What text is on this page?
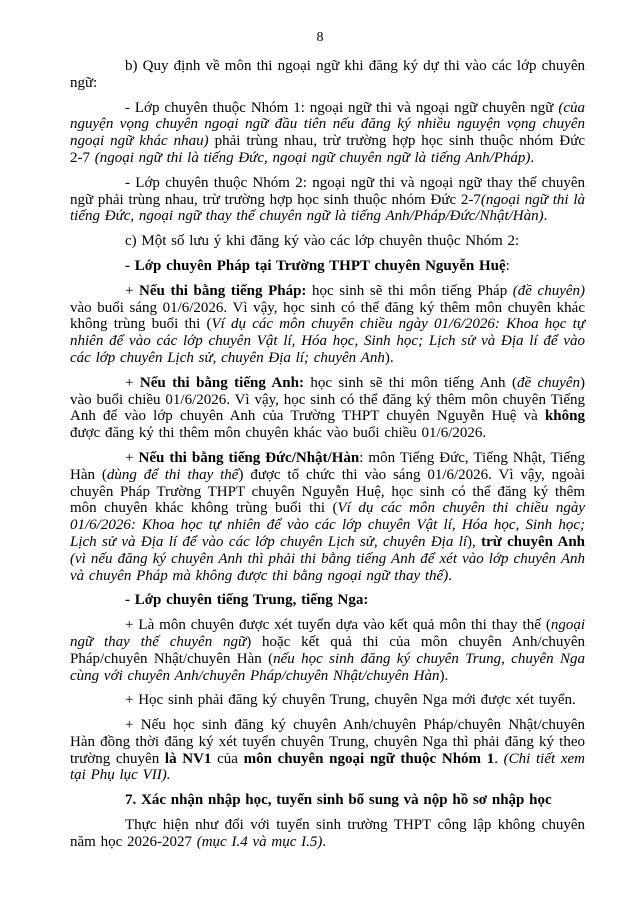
8

b) Quy định về môn thi ngoại ngữ khi đăng ký dự thi vào các lớp chuyên ngữ:

- Lớp chuyên thuộc Nhóm 1: ngoại ngữ thi và ngoại ngữ chuyên ngữ (của nguyện vọng chuyên ngoại ngữ đầu tiên nếu đăng ký nhiều nguyện vọng chuyên ngoại ngữ khác nhau) phải trùng nhau, trừ trường hợp học sinh thuộc nhóm Đức 2-7 (ngoại ngữ thi là tiếng Đức, ngoại ngữ chuyên ngữ là tiếng Anh/Pháp).

- Lớp chuyên thuộc Nhóm 2: ngoại ngữ thi và ngoại ngữ thay thế chuyên ngữ phải trùng nhau, trừ trường hợp học sinh thuộc nhóm Đức 2-7(ngoại ngữ thi là tiếng Đức, ngoại ngữ thay thế chuyên ngữ là tiếng Anh/Pháp/Đức/Nhật/Hàn).

c) Một số lưu ý khi đăng ký vào các lớp chuyên thuộc Nhóm 2:

- Lớp chuyên Pháp tại Trường THPT chuyên Nguyễn Huệ:

+ Nếu thi bằng tiếng Pháp: học sinh sẽ thi môn tiếng Pháp (đề chuyên) vào buổi sáng 01/6/2026. Vì vậy, học sinh có thể đăng ký thêm môn chuyên khác không trùng buổi thi (Ví dụ các môn chuyên chiều ngày 01/6/2026: Khoa học tự nhiên để vào các lớp chuyên Vật lí, Hóa học, Sinh học; Lịch sử và Địa lí để vào các lớp chuyên Lịch sử, chuyên Địa lí; chuyên Anh).

+ Nếu thi bằng tiếng Anh: học sinh sẽ thi môn tiếng Anh (đề chuyên) vào buổi chiều 01/6/2026. Vì vậy, học sinh có thể đăng ký thêm môn chuyên Tiếng Anh để vào lớp chuyên Anh của Trường THPT chuyên Nguyễn Huệ và không được đăng ký thi thêm môn chuyên khác vào buổi chiều 01/6/2026.

+ Nếu thi bằng tiếng Đức/Nhật/Hàn: môn Tiếng Đức, Tiếng Nhật, Tiếng Hàn (dùng để thi thay thế) được tổ chức thi vào sáng 01/6/2026. Vì vậy, ngoài chuyên Pháp Trường THPT chuyên Nguyễn Huệ, học sinh có thể đăng ký thêm môn chuyên khác không trùng buổi thi (Ví dụ các môn chuyên thi chiều ngày 01/6/2026: Khoa học tự nhiên để vào các lớp chuyên Vật lí, Hóa học, Sinh học; Lịch sử và Địa lí để vào các lớp chuyên Lịch sử, chuyên Địa lí), trừ chuyên Anh (vì nếu đăng ký chuyên Anh thì phải thi bằng tiếng Anh để xét vào lớp chuyên Anh và chuyên Pháp mà không được thi bằng ngoại ngữ thay thế).

- Lớp chuyên tiếng Trung, tiếng Nga:

+ Là môn chuyên được xét tuyển dựa vào kết quả môn thi thay thế (ngoại ngữ thay thế chuyên ngữ) hoặc kết quả thi của môn chuyên Anh/chuyên Pháp/chuyên Nhật/chuyên Hàn (nếu học sinh đăng ký chuyên Trung, chuyên Nga cùng với chuyên Anh/chuyên Pháp/chuyên Nhật/chuyên Hàn).

+ Học sinh phải đăng ký chuyên Trung, chuyên Nga mới được xét tuyển.

+ Nếu học sinh đăng ký chuyên Anh/chuyên Pháp/chuyên Nhật/chuyên Hàn đồng thời đăng ký xét tuyển chuyên Trung, chuyên Nga thì phải đăng ký theo trường chuyên là NV1 của môn chuyên ngoại ngữ thuộc Nhóm 1. (Chi tiết xem tại Phụ lục VII).

7. Xác nhận nhập học, tuyển sinh bổ sung và nộp hồ sơ nhập học

Thực hiện như đối với tuyển sinh trường THPT công lập không chuyên năm học 2026-2027 (mục I.4 và mục I.5).
